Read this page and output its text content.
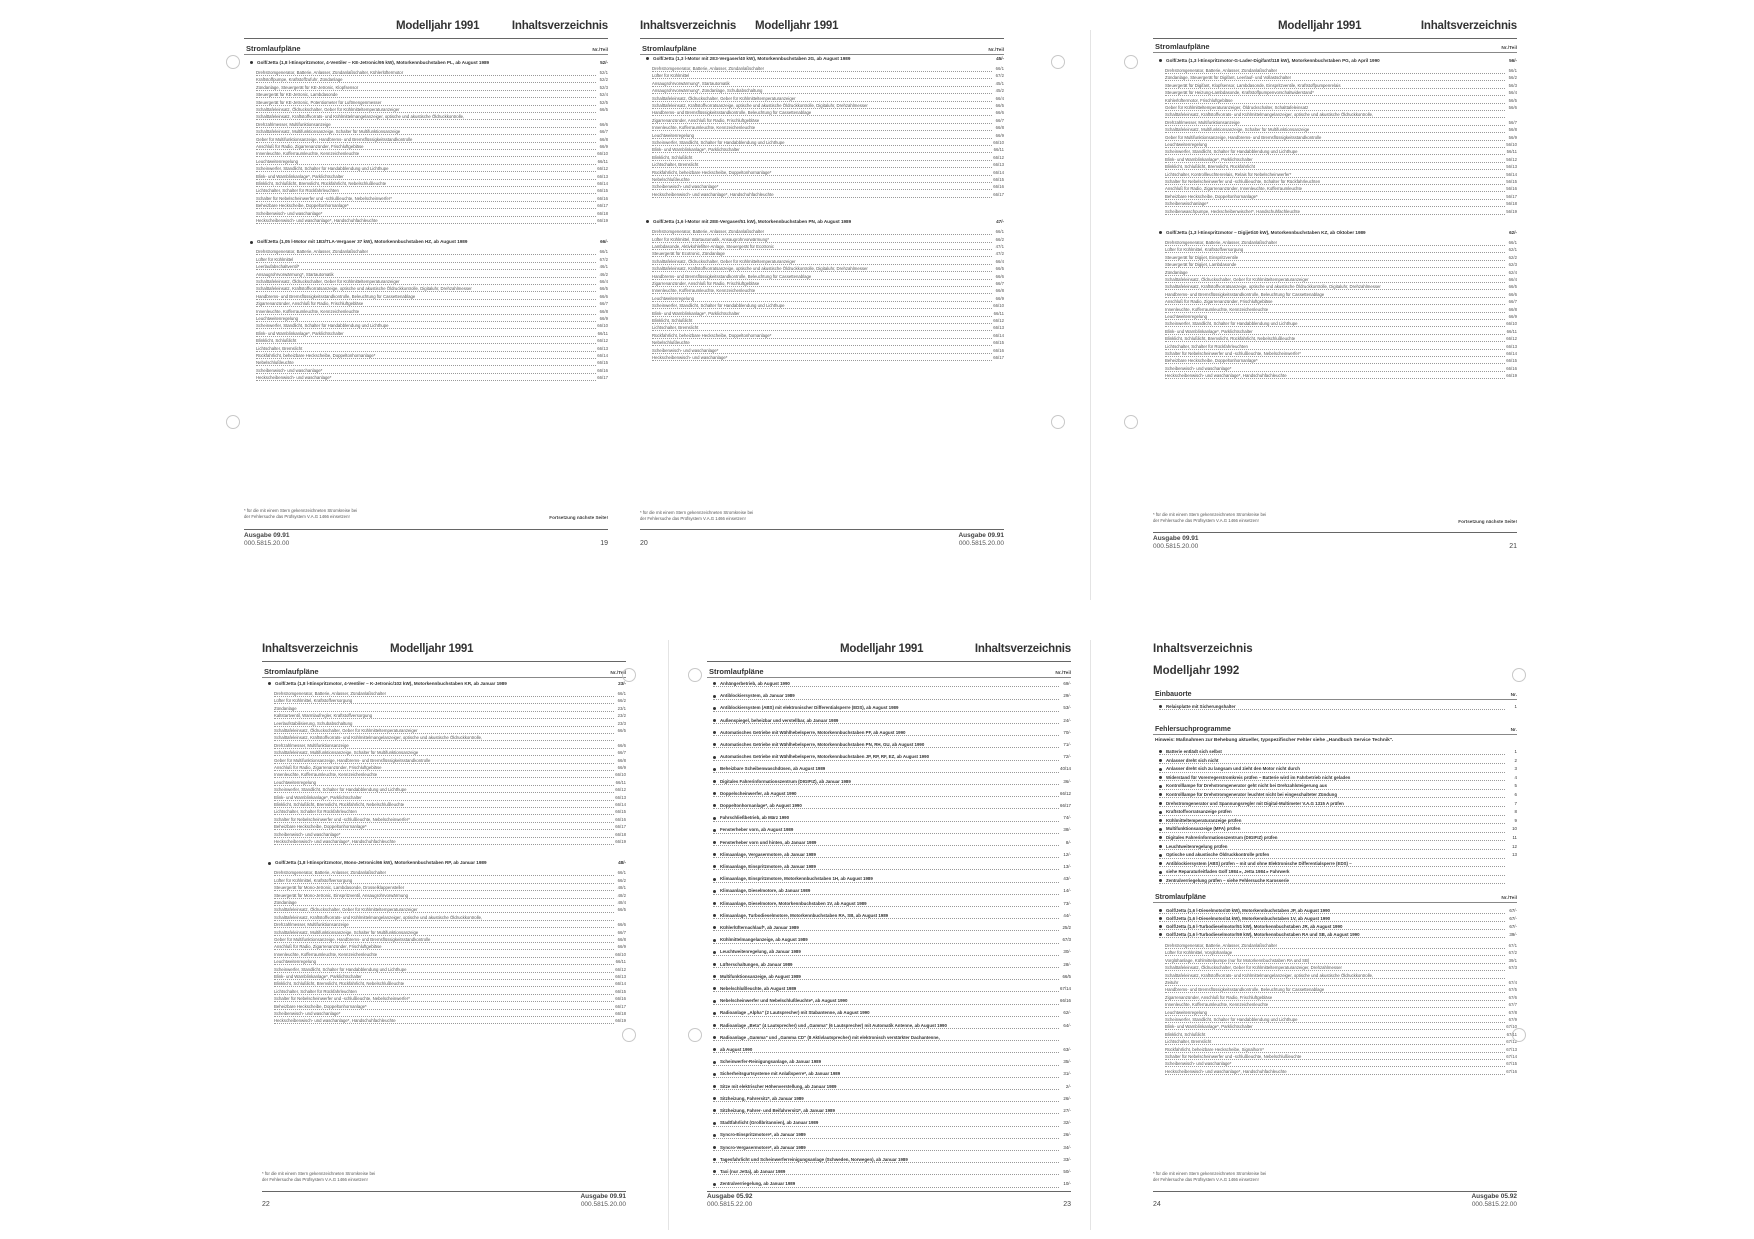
Modelljahr 1991	Inhaltsverzeichnis
Stromlaufpläne	Nr./Teil
* für die mit einem Stern gekennzeichneten Stromkreise bei
der Fehlersuche das Prüfsystem V.A.G 1466 einsetzen!	Fortsetzung nächste Seite!
Ausgabe 09.91
000.5815.20.00	19
Golf/Jetta (1,8 l-Einspritzmotor, 4-Ventiler – KE-Jetronic/95 kW), Motorkennbuchstaben PL, ab August 1989	52/-
– Drehstromgenerator, Batterie, Anlasser, Zündanlaßschalter, Kühlerlüftermotor	52/1
– Kraftstoffpumpe, Kraftstoffzufuhr, Zündanlage	52/2
– Zündanlage, Steuergerät für KE-Jetronic, Klopfsensor	52/3
– Steuergerät für KE-Jetronic, Lambdasonde	52/4
– Steuergerät für KE-Jetronic, Potentiometer für Luftmengenmesser	52/5
– Schalttafeleinsatz, Öldruckschalter, Geber für Kühlmitteltemperaturanzeiger	66/5
– Schalttafeleinsatz, Kraftstoffvorrats- und Kühlmittelmangelanzeiger, optische und akustische Öldruckkontrolle,
– Drehzahlmesser, Multifunktionsanzeige	66/6
– Schalttafeleinsatz, Multifunktionsanzeige, Schalter für Multifunktionsanzeige	66/7
– Geber für Multifunktionsanzeige, Handbrems- und Bremsflüssigkeitsstandkontrolle	66/8
– Anschluß für Radio, Zigarrenanzünder, Frischluftgebläse	66/9
– Innenleuchte, Kofferraumleuchte, Kennzeichenleuchte	66/10
– Leuchtweitenregelung	66/11
– Scheinwerfer, Standlicht, Schalter für Handabblendung und Lichthupe	66/12
– Blink- und Warnblinkanlage*, Parklichtschalter	66/13
– Blinklicht, Schlußlicht, Bremslicht, Rückfahrlicht, Nebelschlußleuchte	66/14
– Lichtschalter, Schalter für Rückfahrleuchten	66/15
– Schalter für Nebelscheinwerfer und -schlußleuchte, Nebelscheinwerfer*	66/16
– Beheizbare Heckscheibe, Doppeltonhornanlage*	66/17
– Scheibenwisch- und waschanlage*	66/18
– Heckscheibenwisch- und waschanlage*, Handschuhfachleuchte	66/19
Golf/Jetta (1,05 l-Motor mit 1B3/TLA-Vergaser 37 kW), Motorkennbuchstaben HZ, ab August 1989	66/-
– Drehstromgenerator, Batterie, Anlasser, Zündanlaßschalter	66/1
– Lüfter für Kühlmittel	67/2
– Leerlaufabschaltventil*	46/1
– Ansaugrohrvorwärmung*, Startautomatik	46/2
– Schalttafeleinsatz, Öldruckschalter, Geber für Kühlmitteltemperaturanzeiger	66/4
– Schalttafeleinsatz, Kraftstoffvorratsanzeige, optische und akustische Öldruckkontrolle, Digitaluhr, Drehzahlmesser	66/5
– Handbrems- und Bremsflüssigkeitsstandkontrolle, Beleuchtung für Cassettenablage	66/6
– Zigarrenanzünder, Anschluß für Radio, Frischluftgebläse	66/7
– Innenleuchte, Kofferraumleuchte, Kennzeichenleuchte	66/8
– Leuchtweitenregelung	66/9
– Scheinwerfer, Standlicht, Schalter für Handabblendung und Lichthupe	66/10
– Blink- und Warnblinkanlage*, Parklichtschalter	66/11
– Blinklicht, Schlußlicht	66/12
– Lichtschalter, Bremslicht	66/13
– Rückfahrlicht, beheizbare Heckscheibe, Doppeltonhornanlage*	66/14
– Nebelschlußleuchte	66/15
– Scheibenwisch- und waschanlage*	66/16
– Heckscheibenwisch- und waschanlage*	66/17
Inhaltsverzeichnis Modelljahr 1991
Stromlaufpläne	Nr./Teil
* für die mit einem Stern gekennzeichneten Stromkreise bei
der Fehlersuche das Prüfsystem V.A.G 1466 einsetzen!
Ausgabe 09.91
000.5815.20.00
20
Golf/Jetta (1,3 l-Motor mit 2E3-Vergaser/40 kW), Motorkennbuchstaben 2G, ab August 1989	45/-
– Drehstromgenerator, Batterie, Anlasser, Zündanlaßschalter	66/1
– Lüfter für Kühlmittel	67/2
– Ansaugrohrvorwärmung*, Startautomatik	45/1
– Ansaugrohrvorwärmung*, Zündanlage, Schubabschaltung	45/2
– Schalttafeleinsatz, Öldruckschalter, Geber für Kühlmitteltemperaturanzeiger	66/4
– Schalttafeleinsatz, Kraftstoffvorratsanzeige, optische und akustische Öldruckkontrolle, Digitaluhr, Drehzahlmesser	66/5
– Handbrems- und Bremsflüssigkeitsstandkontrolle, Beleuchtung für Cassettenablage	66/6
– Zigarrenanzünder, Anschluß für Radio, Frischluftgebläse	66/7
– Innenleuchte, Kofferraumleuchte, Kennzeichenleuchte	66/8
– Leuchtweitenregelung	66/9
– Scheinwerfer, Standlicht, Schalter für Handabblendung und Lichthupe	66/10
– Blink- und Warnblinkanlage*, Parklichtschalter	66/11
– Blinklicht, Schlußlicht	66/12
– Lichtschalter, Bremslicht	66/13
– Rückfahrlicht, beheizbare Heckscheibe, Doppeltonhornanlage*	66/14
– Nebelschlußleuchte	66/15
– Scheibenwisch- und waschanlage*	66/16
– Heckscheibenwisch- und waschanlage*, Handschuhfachleuchte	66/17
Golf/Jetta (1,6 l-Motor mit 2EE-Vergaser/51 kW), Motorkennbuchstaben PN, ab August 1989	47/-
– Drehstromgenerator, Batterie, Anlasser, Zündanlaßschalter	66/1
– Lüfter für Kühlmittel, Startautomatik, Ansaugrohrvorwärmung*	66/2
– Lambdasonde, Aktivkohlefilter-Anlage, Steuergerät für Ecotronic	47/1
– Steuergerät für Ecotronic, Zündanlage	47/2
– Schalttafeleinsatz, Öldruckschalter, Geber für Kühlmitteltemperaturanzeiger	66/4
– Schalttafeleinsatz, Kraftstoffvorratsanzeige, optische und akustische Öldruckkontrolle, Digitaluhr, Drehzahlmesser	66/5
– Handbrems- und Bremsflüssigkeitsstandkontrolle, Beleuchtung für Cassettenablage	66/6
– Zigarrenanzünder, Anschluß für Radio, Frischluftgebläse	66/7
– Innenleuchte, Kofferraumleuchte, Kennzeichenleuchte	66/8
– Leuchtweitenregelung	66/9
– Scheinwerfer, Standlicht, Schalter für Handabblendung und Lichthupe	66/10
– Blink- und Warnblinkanlage*, Parklichtschalter	66/11
– Blinklicht, Schlußlicht	66/12
– Lichtschalter, Bremslicht	66/13
– Rückfahrlicht, beheizbare Heckscheibe, Doppeltonhornanlage*	66/14
– Nebelschlußleuchte	66/15
– Scheibenwisch- und waschanlage*	66/16
– Heckscheibenwisch- und waschanlage*	66/17
Modelljahr 1991	Inhaltsverzeichnis
Stromlaufpläne	Nr./Teil
* für die mit einem Stern gekennzeichneten Stromkreise bei
der Fehlersuche das Prüfsystem V.A.G 1466 einsetzen!	Fortsetzung nächste Seite!
Ausgabe 09.91
000.5815.20.00	21
Golf/Jetta (1,3 l-Einspritzmotor-G-Lader-Digifant/118 kW), Motorkennbuchstaben PG, ab April 1990	56/-
– Drehstromgenerator, Batterie, Anlasser, Zündanlaßschalter	56/1
– Zündanlage, Steuergerät für Digifant, Leerlauf- und Vollastschalter	56/2
– Steuergerät für Digifant, Klopfsensor, Lambdasonde, Einspritzventile, Kraftstoffpumpenrelais	56/3
– Steuergerät für Heizung-Lambdasonde, Kraftstoffpumpenvorschaltwiderstand*	56/4
– Kühlerlüftermotor, Frischluftgebläse	56/5
– Geber für Kühlmitteltemperaturanzeiger, Öldruckschalter, Schalttafeleinsatz	56/6
– Schalttafeleinsatz, Kraftstoffvorrats- und Kühlmittelmangelanzeiger, optische und akustische Öldruckkontrolle,
– Drehzahlmesser, Multifunktionsanzeige	56/7
– Schalttafeleinsatz, Multifunktionsanzeige, Schalter für Multifunktionsanzeige	56/8
– Geber für Multifunktionsanzeige, Handbrems- und Bremsflüssigkeitsstandkontrolle	56/9
– Leuchtweitenregelung	56/10
– Scheinwerfer, Standlicht, Schalter für Handabblendung und Lichthupe	56/11
– Blink- und Warnblinkanlage*, Parklichtschalter	56/12
– Blinklicht, Schlußlicht, Bremslicht, Rückfahrlicht	56/13
– Lichtschalter, Kontrollleuchtenrelais, Relais für Nebelscheinwerfer*	56/14
– Schalter für Nebelscheinwerfer und -schlußleuchte, Schalter für Rückfahrleuchten	56/15
– Anschluß für Radio, Zigarrenanzünder, Innenleuchte, Kofferraumleuchte	56/16
– Beheizbare Heckscheibe, Doppeltonhornanlage*	56/17
– Scheibenwischanlage*	56/18
– Scheibenwaschpumpe, Heckscheibenwischer*, Handschuhfachleuchte	56/19
Golf/Jetta (1,3 l-Einspritzmotor – Digijet/40 kW), Motorkennbuchstaben KZ, ab Oktober 1989	62/-
– Drehstromgenerator, Batterie, Anlasser, Zündanlaßschalter	66/1
– Lüfter für Kühlmittel, Kraftstoffversorgung	62/1
– Steuergerät für Digijet, Einspritzventile	62/2
– Steuergerät für Digijet, Lambdasonde	62/3
– Zündanlage	62/4
– Schalttafeleinsatz, Öldruckschalter, Geber für Kühlmitteltemperaturanzeiger	66/4
– Schalttafeleinsatz, Kraftstoffvorratsanzeige, optische und akustische Öldruckkontrolle, Digitaluhr, Drehzahlmesser	66/5
– Handbrems- und Bremsflüssigkeitsstandkontrolle, Beleuchtung für Cassettenablage	66/6
– Anschluß für Radio, Zigarrenanzünder, Frischluftgebläse	66/7
– Innenleuchte, Kofferraumleuchte, Kennzeichenleuchte	66/8
– Leuchtweitenregelung	66/9
– Scheinwerfer, Standlicht, Schalter für Handabblendung und Lichthupe	66/10
– Blink- und Warnblinkanlage*, Parklichtschalter	66/11
– Blinklicht, Schlußlicht, Bremslicht, Rückfahrlicht, Nebelschlußleuchte	66/12
– Lichtschalter, Schalter für Rückfahrleuchten	66/13
– Schalter für Nebelscheinwerfer und -schlußleuchte, Nebelscheinwerfer*	66/14
– Beheizbare Heckscheibe, Doppeltonhornanlage*	66/15
– Scheibenwisch- und waschanlage*	66/16
– Heckscheibenwisch- und waschanlage*, Handschuhfachleuchte	66/19
Inhaltsverzeichnis	Modelljahr 1991
Stromlaufpläne	Nr./Teil
* für die mit einem Stern gekennzeichneten Stromkreise bei
der Fehlersuche das Prüfsystem V.A.G 1466 einsetzen!
Ausgabe 09.91
000.5815.20.00
22
Golf/Jetta (1,8 l-Einspritzmotor, 4-Ventiler – K-Jetronic/102 kW), Motorkennbuchstaben KR, ab Januar 1989	23/-
– Drehstromgenerator, Batterie, Anlasser, Zündanlaßschalter	66/1
– Lüfter für Kühlmittel, Kraftstoffversorgung	66/2
– Zündanlage	23/1
– Kaltstartventil, Warmlaufregler, Kraftstoffversorgung	23/2
– Leerlaufstabilisierung, Schubabschaltung	23/3
– Schalttafeleinsatz, Öldruckschalter, Geber für Kühlmitteltemperaturanzeiger	66/5
– Schalttafeleinsatz, Kraftstoffvorrats- und Kühlmittelmangelanzeiger, optische und akustische Öldruckkontrolle,
– Drehzahlmesser, Multifunktionsanzeige	66/6
– Schalttafeleinsatz, Multifunktionsanzeige, Schalter für Multifunktionsanzeige	66/7
– Geber für Multifunktionsanzeige, Handbrems- und Bremsflüssigkeitsstandkontrolle	66/8
– Anschluß für Radio, Zigarrenanzünder, Frischluftgebläse	66/9
– Innenleuchte, Kofferraumleuchte, Kennzeichenleuchte	66/10
– Leuchtweitenregelung	66/11
– Scheinwerfer, Standlicht, Schalter für Handabblendung und Lichthupe	66/12
– Blink- und Warnblinkanlage*, Parklichtschalter	66/13
– Blinklicht, Schlußlicht, Bremslicht, Rückfahrlicht, Nebelschlußleuchte	66/14
– Lichtschalter, Schalter für Rückfahrleuchten	66/15
– Schalter für Nebelscheinwerfer und -schlußleuchte, Nebelscheinwerfer*	66/16
– Beheizbare Heckscheibe, Doppeltonhornanlage*	66/17
– Scheibenwisch- und waschanlage*	66/18
– Heckscheibenwisch- und waschanlage*, Handschuhfachleuchte	66/19
Golf/Jetta (1,8 l-Einspritzmotor, Mono-Jetronic/66 kW), Motorkennbuchstaben RP, ab Januar 1989	48/-
– Drehstromgenerator, Batterie, Anlasser, Zündanlaßschalter	66/1
– Lüfter für Kühlmittel, Kraftstoffversorgung	66/2
– Steuergerät für Mono-Jetronic, Lambdasonde, Drosselklappensteller	48/1
– Steuergerät für Mono-Jetronic, Einspritzventil, Ansaugrohrvorwärmung	48/2
– Zündanlage	48/4
– Schalttafeleinsatz, Öldruckschalter, Geber für Kühlmitteltemperaturanzeiger	66/5
– Schalttafeleinsatz, Kraftstoffvorrats- und Kühlmittelmangelanzeiger, optische und akustische Öldruckkontrolle,
– Drehzahlmesser, Multifunktionsanzeige	66/6
– Schalttafeleinsatz, Multifunktionsanzeige, Schalter für Multifunktionsanzeige	66/7
– Geber für Multifunktionsanzeige, Handbrems- und Bremsflüssigkeitsstandkontrolle	66/8
– Anschluß für Radio, Zigarrenanzünder, Frischluftgebläse	66/9
– Innenleuchte, Kofferraumleuchte, Kennzeichenleuchte	66/10
– Leuchtweitenregelung	66/11
– Scheinwerfer, Standlicht, Schalter für Handabblendung und Lichthupe	66/12
– Blink- und Warnblinkanlage*, Parklichtschalter	66/13
– Blinklicht, Schlußlicht, Bremslicht, Rückfahrlicht, Nebelschlußleuchte	66/14
– Lichtschalter, Schalter für Rückfahrleuchten	66/15
– Schalter für Nebelscheinwerfer und -schlußleuchte, Nebelscheinwerfer*	66/16
– Beheizbare Heckscheibe, Doppeltonhornanlage*	66/17
– Scheibenwisch- und waschanlage*	66/18
– Heckscheibenwisch- und waschanlage*, Handschuhfachleuchte	66/19
Modelljahr 1991	Inhaltsverzeichnis
Stromlaufpläne	Nr./Teil
Ausgabe 05.92
000.5815.22.00	23
Anhängerbetrieb, ab August 1990	69/-
Antiblockiersystem, ab Januar 1989	29/-
Antiblockiersystem (ABS) mit elektronischer Differentialsperre (EDS), ab August 1989	53/-
Außenspiegel, beheizbar und verstellbar, ab Januar 1989	24/-
Automatisches Getriebe mit Wählhebelsperre, Motorkennbuchstaben PF, ab August 1990	70/-
Automatisches Getriebe mit Wählhebelsperre, Motorkennbuchstaben PN, RH, GU, ab August 1990	71/-
Automatisches Getriebe mit Wählhebelsperre, Motorkennbuchstaben JP, RP, RF, EZ, ab August 1990	72/-
Beheizbare Scheibenwaschdüsen, ab August 1989	40/14
Digitales Fahrerinformationszentrum (DIGIFIZ), ab Januar 1989	36/-
Doppelscheinwerfer, ab August 1990	66/12
Doppeltonhornanlage*, ab August 1990	66/17
Fahrschließbetrieb, ab März 1990	74/-
Fensterheber vorn, ab August 1989	38/-
Fensterheber vorn und hinten, ab Januar 1989	8/-
Klimaanlage, Vergasermotore, ab Januar 1989	12/-
Klimaanlage, Einspritzmotore, ab Januar 1989	13/-
Klimaanlage, Einspritzmotore, Motorkennbuchstaben 1H, ab August 1989	43/-
Klimaanlage, Dieselmotore, ab Januar 1989	14/-
Klimaanlage, Dieselmotore, Motorkennbuchstaben 1V, ab August 1989	73/-
Klimaanlage, Turbodieselmotore, Motorkennbuchstaben RA, SB, ab August 1989	44/-
Kühlerlüfternachlauf*, ab Januar 1989	25/2
Kühlmittelmangelanzeige, ab August 1989	67/3
Leuchtweitenregelung, ab Januar 1989	30/-
Lüfterschaltungen, ab Januar 1989	28/-
Multifunktionsanzeige, ab August 1989	66/5
Nebelschlußleuchte, ab August 1989	67/14
Nebelscheinwerfer und Nebelschlußleuchte*, ab August 1990	66/16
Radioanlage „Alpha" (2 Lautsprecher) mit Stabantenne, ab August 1990	62/-
Radioanlage „Beta" (4 Lautsprecher) und „Gamma" (6 Lautsprecher) mit Automatik Antenne, ab August 1990	64/-
Radioanlage „Gamma" und „Gamma CD" (8 Aktivlautsprecher) mit elektronisch verstärkter Dachantenne,
ab August 1990	63/-
Scheinwerfer-Reinigungsanlage, ab Januar 1989	35/-
Sicherheitsgurtsysteme mit Anlaßsperre*, ab Januar 1989	31/-
Sitze mit elektrischer Höhenverstellung, ab Januar 1989	2/-
Sitzheizung, Fahrersitz*, ab Januar 1989	26/-
Sitzheizung, Fahrer- und Beifahrersitz*, ab Januar 1989	27/-
Stadtfahrlicht (Großbritannien), ab Januar 1989	32/-
Syncro-Einspritzmotore*, ab Januar 1989	26/-
Syncro-Vergasermotore*, ab Januar 1989	34/-
Tagesfahrlicht und Scheinwerferreinigungsanlage (Schweden, Norwegen), ab Januar 1989	33/-
Taxi (nur Jetta), ab Januar 1989	50/-
Zentralverriegelung, ab Januar 1989	10/-
Inhaltsverzeichnis
Modelljahr 1992
Einbauorte	Nr.
Fehlersuchprogramme	Nr.
Hinweis: Maßnahmen zur Behebung aktueller, typspezifischer Fehler siehe „Handbuch Service Technik".
Stromlaufpläne	Nr./Teil
* für die mit einem Stern gekennzeichneten Stromkreise bei
der Fehlersuche das Prüfsystem V.A.G 1466 einsetzen!
Ausgabe 05.92
000.5815.22.00
24
Relaisplatte mit Sicherungshalter	1
Batterie entlädt sich selbst	1
Anlasser dreht sich nicht	2
Anlasser dreht sich zu langsam und zieht den Motor nicht durch	3
Widerstand für Vorerregerstromkreis prüfen – Batterie wird im Fahrbetrieb nicht geladen	4
Kontrolllampe für Drehstromgenerator geht nicht bei Drehzahlsteigerung aus	5
Kontrolllampe für Drehstromgenerator leuchtet nicht bei eingeschalteter Zündung	6
Drehstromgenerator und Spannungsregler mit Digital-Multimeter V.A.G 1315 A prüfen	7
Kraftstoffvorratsanzeige prüfen	8
Kühlmitteltemperaturanzeige prüfen	9
Multifunktionsanzeige (MFA) prüfen	10
Digitales Fahrerinformationszentrum (DIGIFIZ) prüfen	11
Leuchtweitenregelung prüfen	12
Optische und akustische Öldruckkontrolle prüfen	13
Antiblockiersystem (ABS) prüfen – mit und ohne Elektronische Differentialsperre (EDS) –
siehe Reparaturleitfaden Golf 1984 ▸, Jetta 1984 ▸ Fahrwerk
Zentralverriegelung prüfen – siehe Fehlersuche Karosserie
Golf/Jetta (1,6 l-Dieselmotor/40 kW), Motorkennbuchstaben JP, ab August 1990	67/-
Golf/Jetta (1,6 l-Dieselmotor/44 kW), Motorkennbuchstaben 1V, ab August 1990	67/-
Golf/Jetta (1,6 l-Turbodieselmotor/51 kW), Motorkennbuchstaben JR, ab August 1990	67/-
Golf/Jetta (1,6 l-Turbodieselmotor/59 kW), Motorkennbuchstaben RA und SB, ab August 1990	39/-
– Drehstromgenerator, Batterie, Anlasser, Zündanlaßschalter	67/1
– Lüfter für Kühlmittel, Vorglühanlage	67/2
– Vorglühanlage, Kühlmittelpumpe (nur für Motorkennbuchstaben RA und SB)	39/1
– Schalttafeleinsatz, Öldruckschalter, Geber für Kühlmitteltemperaturanzeiger, Drehzahlmesser	67/3
– Schalttafeleinsatz, Kraftstoffvorrats- und Kühlmittelmangelanzeiger, optische und akustische Öldruckkontrolle,
– Zeituhr	67/4
– Handbrems- und Bremsflüssigkeitsstandkontrolle, Beleuchtung für Cassettenablage	67/5
– Zigarrenanzünder, Anschluß für Radio, Frischluftgebläse	67/6
– Innenleuchte, Kofferraumleuchte, Kennzeichenleuchte	67/7
– Leuchtweitenregelung	67/8
– Scheinwerfer, Standlicht, Schalter für Handabblendung und Lichthupe	67/9
– Blink- und Warnblinkanlage*, Parklichtschalter	67/10
– Blinklicht, Schlußlicht	67/11
– Lichtschalter, Bremslicht	67/12
– Rückfahrlicht, beheizbare Heckscheibe, Signalhorn*	67/13
– Schalter für Nebelscheinwerfer und -schlußleuchte, Nebelschlußleuchte	67/14
– Scheibenwisch- und waschanlage*	67/15
– Heckscheibenwisch- und waschanlage*, Handschuhfachleuchte	67/16
